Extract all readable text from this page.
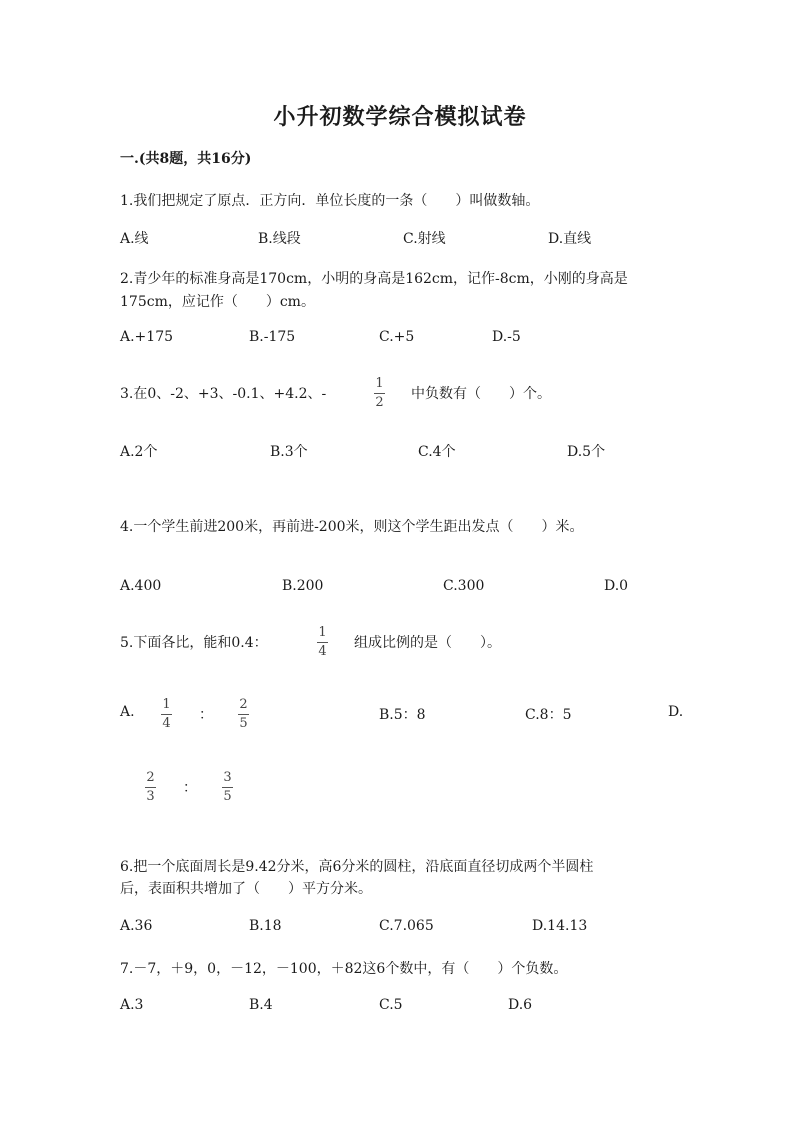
小升初数学综合模拟试卷
一.(共8题，共16分)
1.我们把规定了原点．正方向．单位长度的一条（　　）叫做数轴。
A.线	B.线段	C.射线	D.直线
2.青少年的标准身高是170cm，小明的身高是162cm，记作-8cm，小刚的身高是
175cm，应记作（　　）cm。
A.+175	B.-175	C.+5	D.-5
3.在0、-2、+3、-0.1、+4.2、-
1
2
中负数有（　　）个。
A.2个	B.3个	C.4个	D.5个
4.一个学生前进200米，再前进-200米，则这个学生距出发点（　　）米。
A.400	B.200	C.300	D.0
5.下面各比，能和0.4：
1
4
组成比例的是（　　）。
A. 1
4
：
2
5
B.5：8	C.8：5	D.
2
3
：
3
5
6.把一个底面周长是9.42分米，高6分米的圆柱，沿底面直径切成两个半圆柱
后，表面积共增加了（　　）平方分米。
A.36	B.18	C.7.065	D.14.13
7.－7，＋9，0，－12，－100，＋82这6个数中，有（　　）个负数。
A.3	B.4	C.5	D.6
